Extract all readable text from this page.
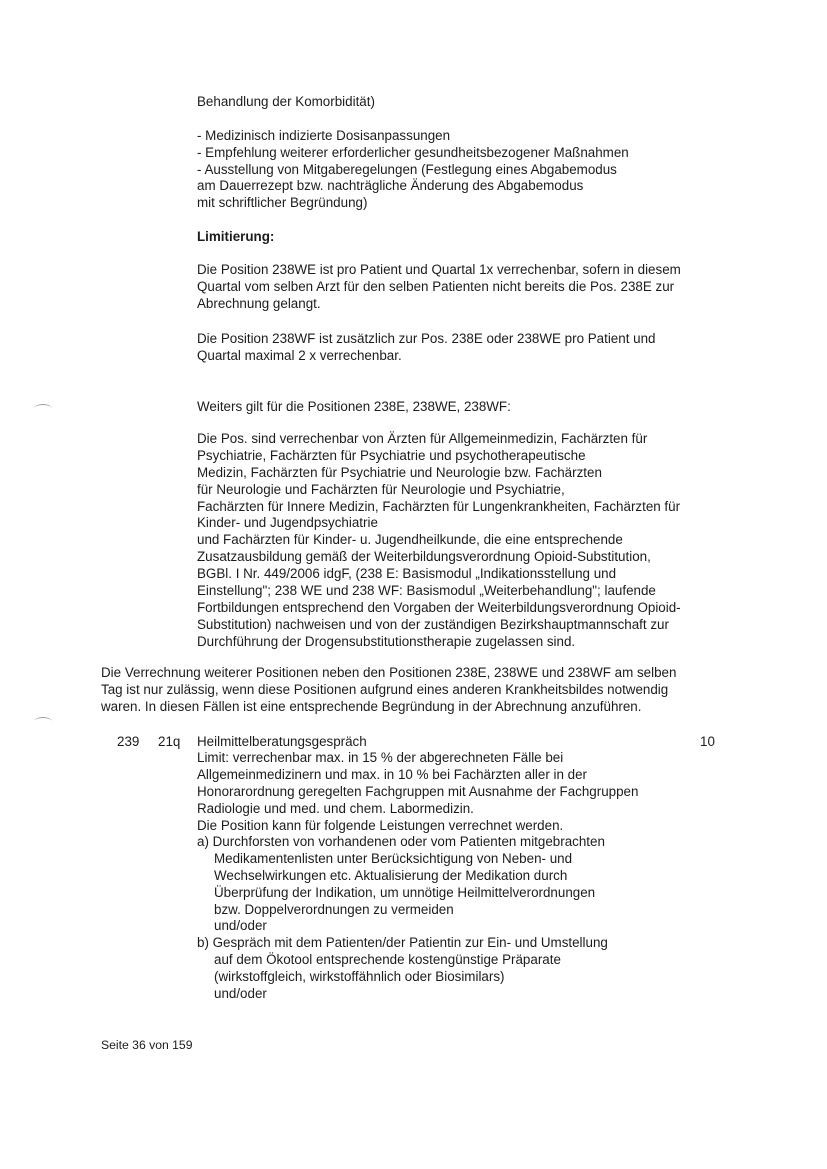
Behandlung der Komorbidität)
- Medizinisch indizierte Dosisanpassungen
- Empfehlung weiterer erforderlicher gesundheitsbezogener Maßnahmen
- Ausstellung von Mitgaberegelungen (Festlegung eines Abgabemodus
am Dauerrezept bzw. nachträgliche Änderung des Abgabemodus
mit schriftlicher Begründung)
Limitierung:
Die Position 238WE ist pro Patient und Quartal 1x verrechenbar, sofern in diesem
Quartal vom selben Arzt für den selben Patienten nicht bereits die Pos. 238E zur
Abrechnung gelangt.
Die Position 238WF ist zusätzlich zur Pos. 238E oder 238WE pro Patient und
Quartal maximal 2 x verrechenbar.
Weiters gilt für die Positionen 238E, 238WE, 238WF:
Die Pos. sind verrechenbar von Ärzten für Allgemeinmedizin, Fachärzten für
Psychiatrie, Fachärzten für Psychiatrie und psychotherapeutische
Medizin, Fachärzten für Psychiatrie und Neurologie bzw. Fachärzten
für Neurologie und Fachärzten für Neurologie und Psychiatrie,
Fachärzten für Innere Medizin, Fachärzten für Lungenkrankheiten, Fachärzten für
Kinder- und Jugendpsychiatrie
und Fachärzten für Kinder- u. Jugendheilkunde, die eine entsprechende
Zusatzausbildung gemäß der Weiterbildungsverordnung Opioid-Substitution,
BGBl. I Nr. 449/2006 idgF, (238 E: Basismodul „Indikationsstellung und
Einstellung"; 238 WE und 238 WF: Basismodul „Weiterbehandlung"; laufende
Fortbildungen entsprechend den Vorgaben der Weiterbildungsverordnung Opioid-
Substitution) nachweisen und von der zuständigen Bezirkshauptmannschaft zur
Durchführung der Drogensubstitutionstherapie zugelassen sind.
Die Verrechnung weiterer Positionen neben den Positionen 238E, 238WE und 238WF am selben
Tag ist nur zulässig, wenn diese Positionen aufgrund eines anderen Krankheitsbildes notwendig
waren. In diesen Fällen ist eine entsprechende Begründung in der Abrechnung anzuführen.
239 21q Heilmittelberatungsgespräch	10
Limit: verrechenbar max. in 15 % der abgerechneten Fälle bei
Allgemeinmedizinern und max. in 10 % bei Fachärzten aller in der
Honorarordnung geregelten Fachgruppen mit Ausnahme der Fachgruppen
Radiologie und med. und chem. Labormedizin.
Die Position kann für folgende Leistungen verrechnet werden.
a) Durchforsten von vorhandenen oder vom Patienten mitgebrachten
Medikamentenlisten unter Berücksichtigung von Neben- und
Wechselwirkungen etc. Aktualisierung der Medikation durch
Überprüfung der Indikation, um unnötige Heilmittelverordnungen
bzw. Doppelverordnungen zu vermeiden
und/oder
b) Gespräch mit dem Patienten/der Patientin zur Ein- und Umstellung
auf dem Ökotool entsprechende kostengünstige Präparate
(wirkstoffgleich, wirkstoffähnlich oder Biosimilars)
und/oder
Seite 36 von 159
